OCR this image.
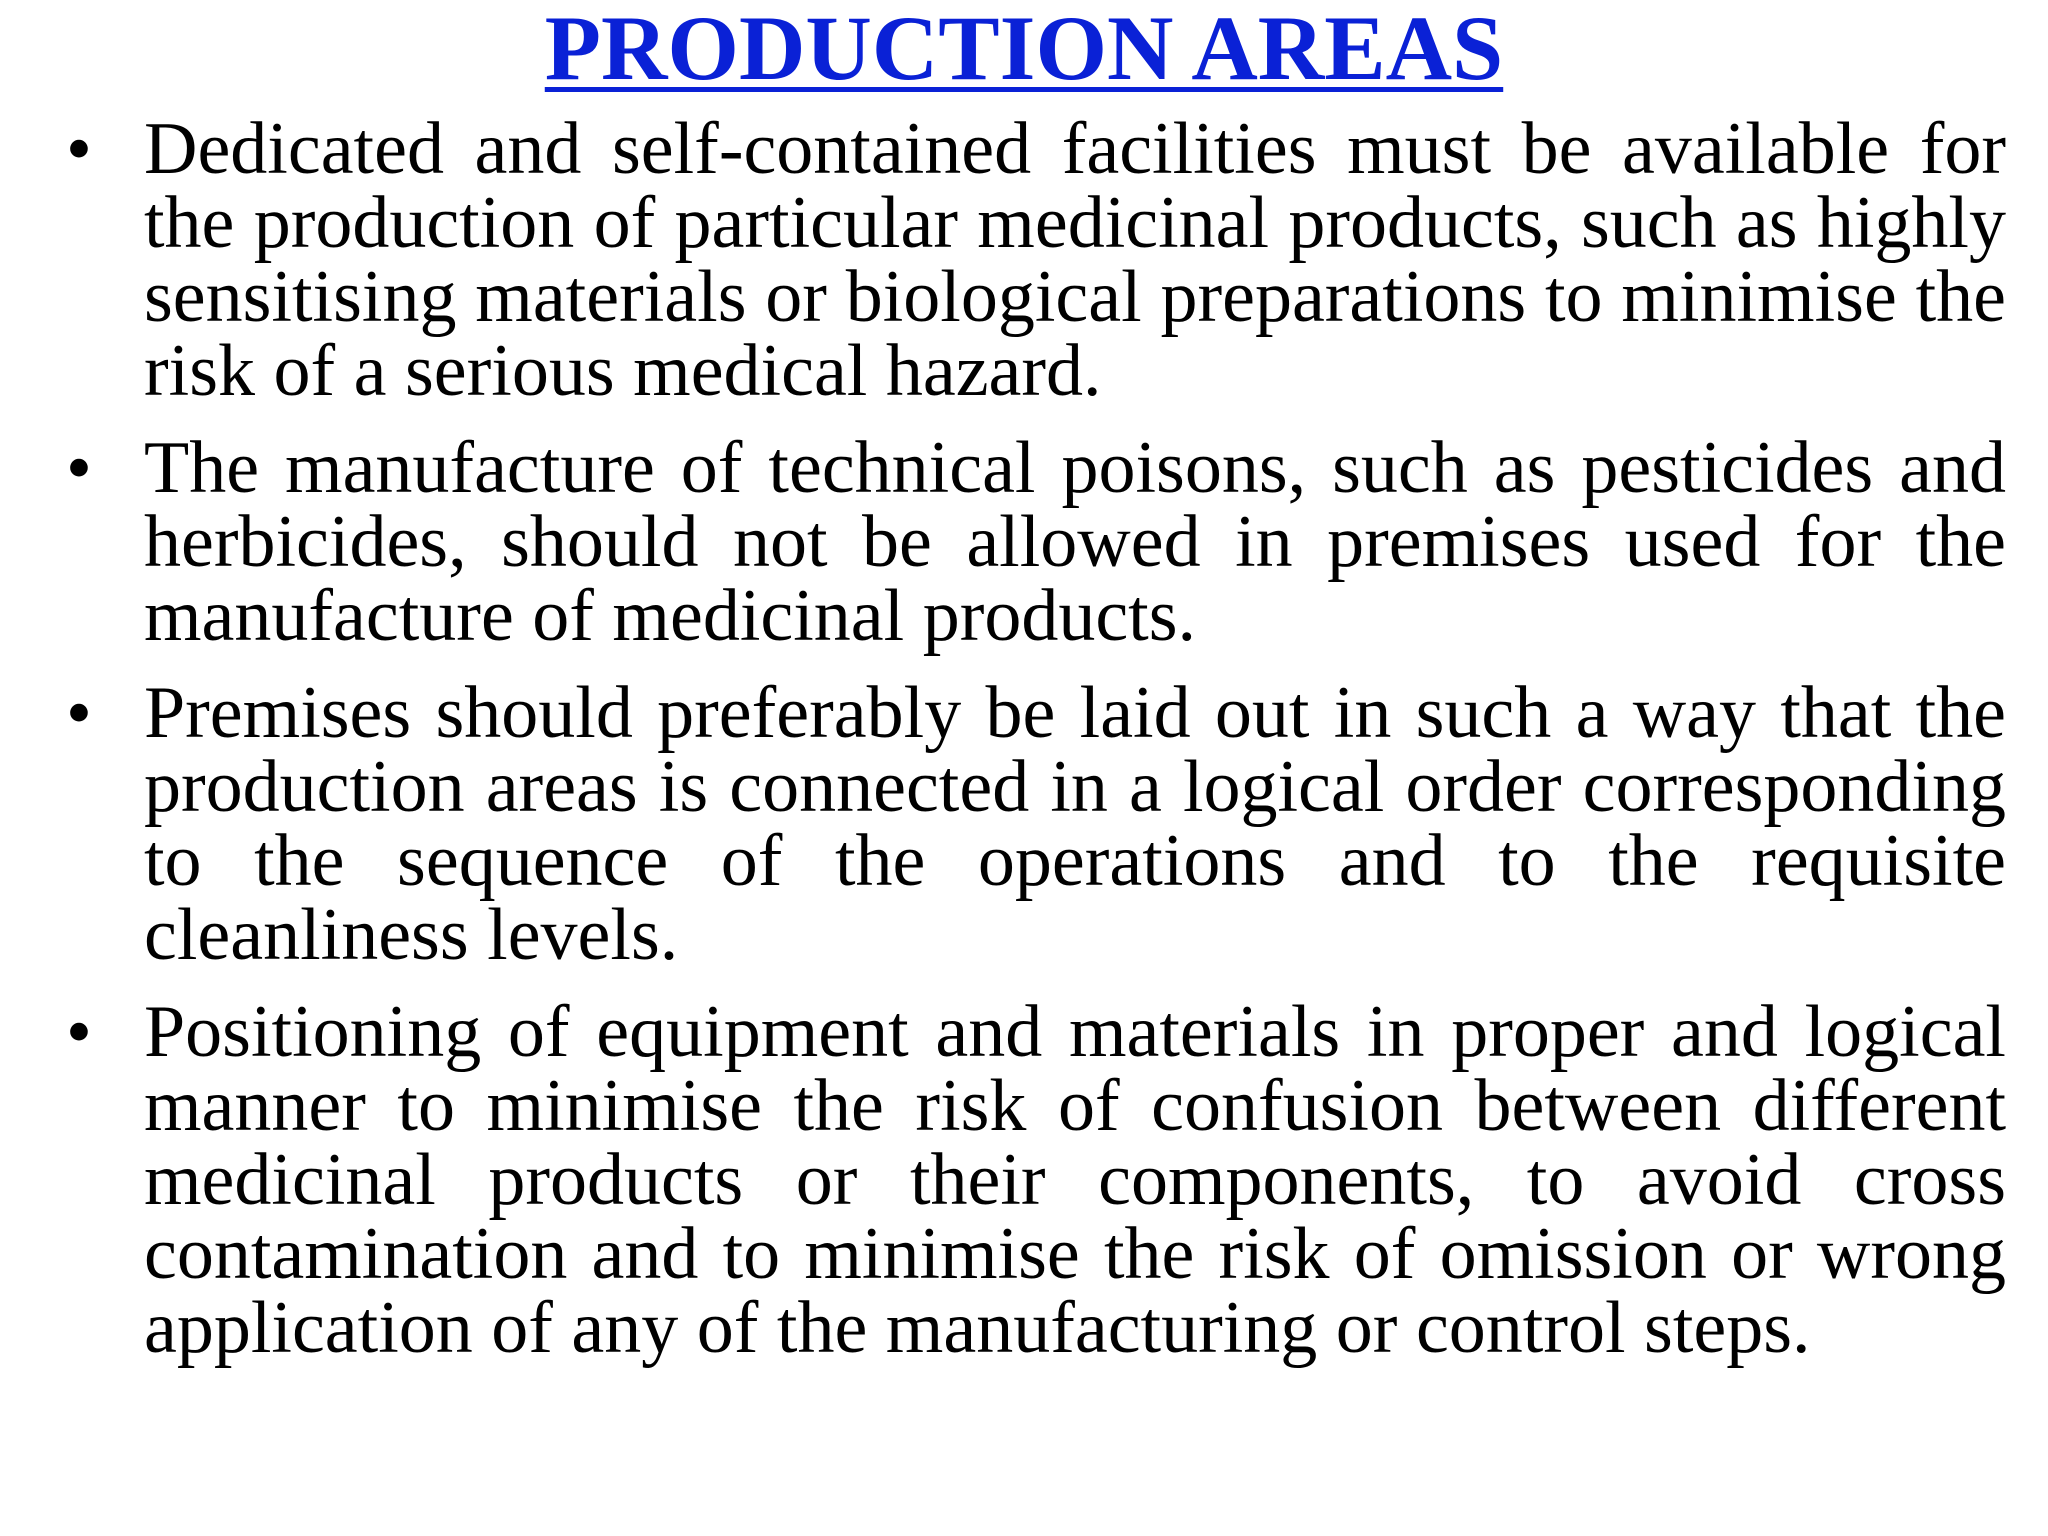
PRODUCTION AREAS
• Dedicated and self-contained facilities must be available for the production of particular medicinal products, such as highly sensitising materials or biological preparations to minimise the risk of a serious medical hazard.
• The manufacture of technical poisons, such as pesticides and herbicides, should not be allowed in premises used for the manufacture of medicinal products.
• Premises should preferably be laid out in such a way that the production areas is connected in a logical order corresponding to the sequence of the operations and to the requisite cleanliness levels.
• Positioning of equipment and materials in proper and logical manner to minimise the risk of confusion between different medicinal products or their components, to avoid cross contamination and to minimise the risk of omission or wrong application of any of the manufacturing or control steps.
